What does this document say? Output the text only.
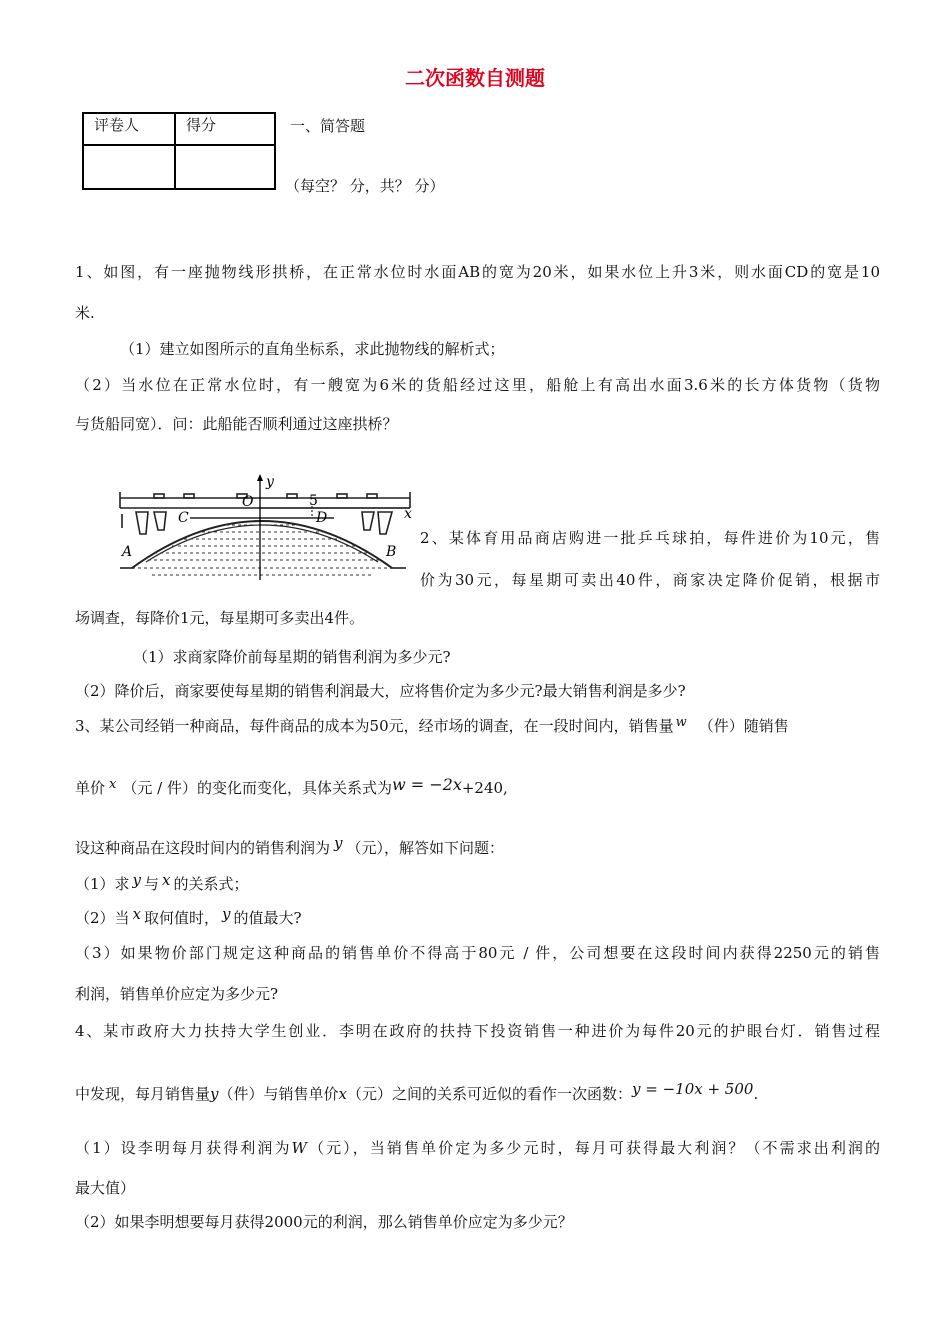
二次函数自测题
评卷人	得分
		一、简答题
（每空？ 分，共？ 分）
1、如图，有一座抛物线形拱桥，在正常水位时水面AB的宽为20米，如果水位上升3米，则水面CD的宽是10
米.
（1）建立如图所示的直角坐标系，求此抛物线的解析式；
（2）当水位在正常水位时，有一艘宽为6米的货船经过这里，船舱上有高出水面3.6米的长方体货物（货物
与货船同宽）．问：此船能否顺利通过这座拱桥？
y
O
C
5
D	x
A	B
2、某体育用品商店购进一批乒乓球拍，每件进价为10元，售
价为30元，每星期可卖出40件，商家决定降价促销，根据市
场调查，每降价1元，每星期可多卖出4件。
（1）求商家降价前每星期的销售利润为多少元?
（2）降价后，商家要使每星期的销售利润最大，应将售价定为多少元?最大销售利润是多少?
3、某公司经销一种商品，每件商品的成本为50元，经市场的调查，在一段时间内，销售量 w （件）随销售
单价 x （元 / 件）的变化而变化，具体关系式为w = −2x+240,
设这种商品在这段时间内的销售利润为 y （元），解答如下问题：
（1）求 y 与 x 的关系式；
（2）当 x 取何值时， y 的值最大?
（3）如果物价部门规定这种商品的销售单价不得高于80元 / 件，公司想要在这段时间内获得2250元的销售
利润，销售单价应定为多少元?
4、某市政府大力扶持大学生创业．李明在政府的扶持下投资销售一种进价为每件20元的护眼台灯．销售过程
中发现，每月销售量y（件）与销售单价x（元）之间的关系可近似的看作一次函数：y = −10x + 500.
（1）设李明每月获得利润为W（元），当销售单价定为多少元时，每月可获得最大利润？（不需求出利润的
最大值）
（2）如果李明想要每月获得2000元的利润，那么销售单价应定为多少元？
